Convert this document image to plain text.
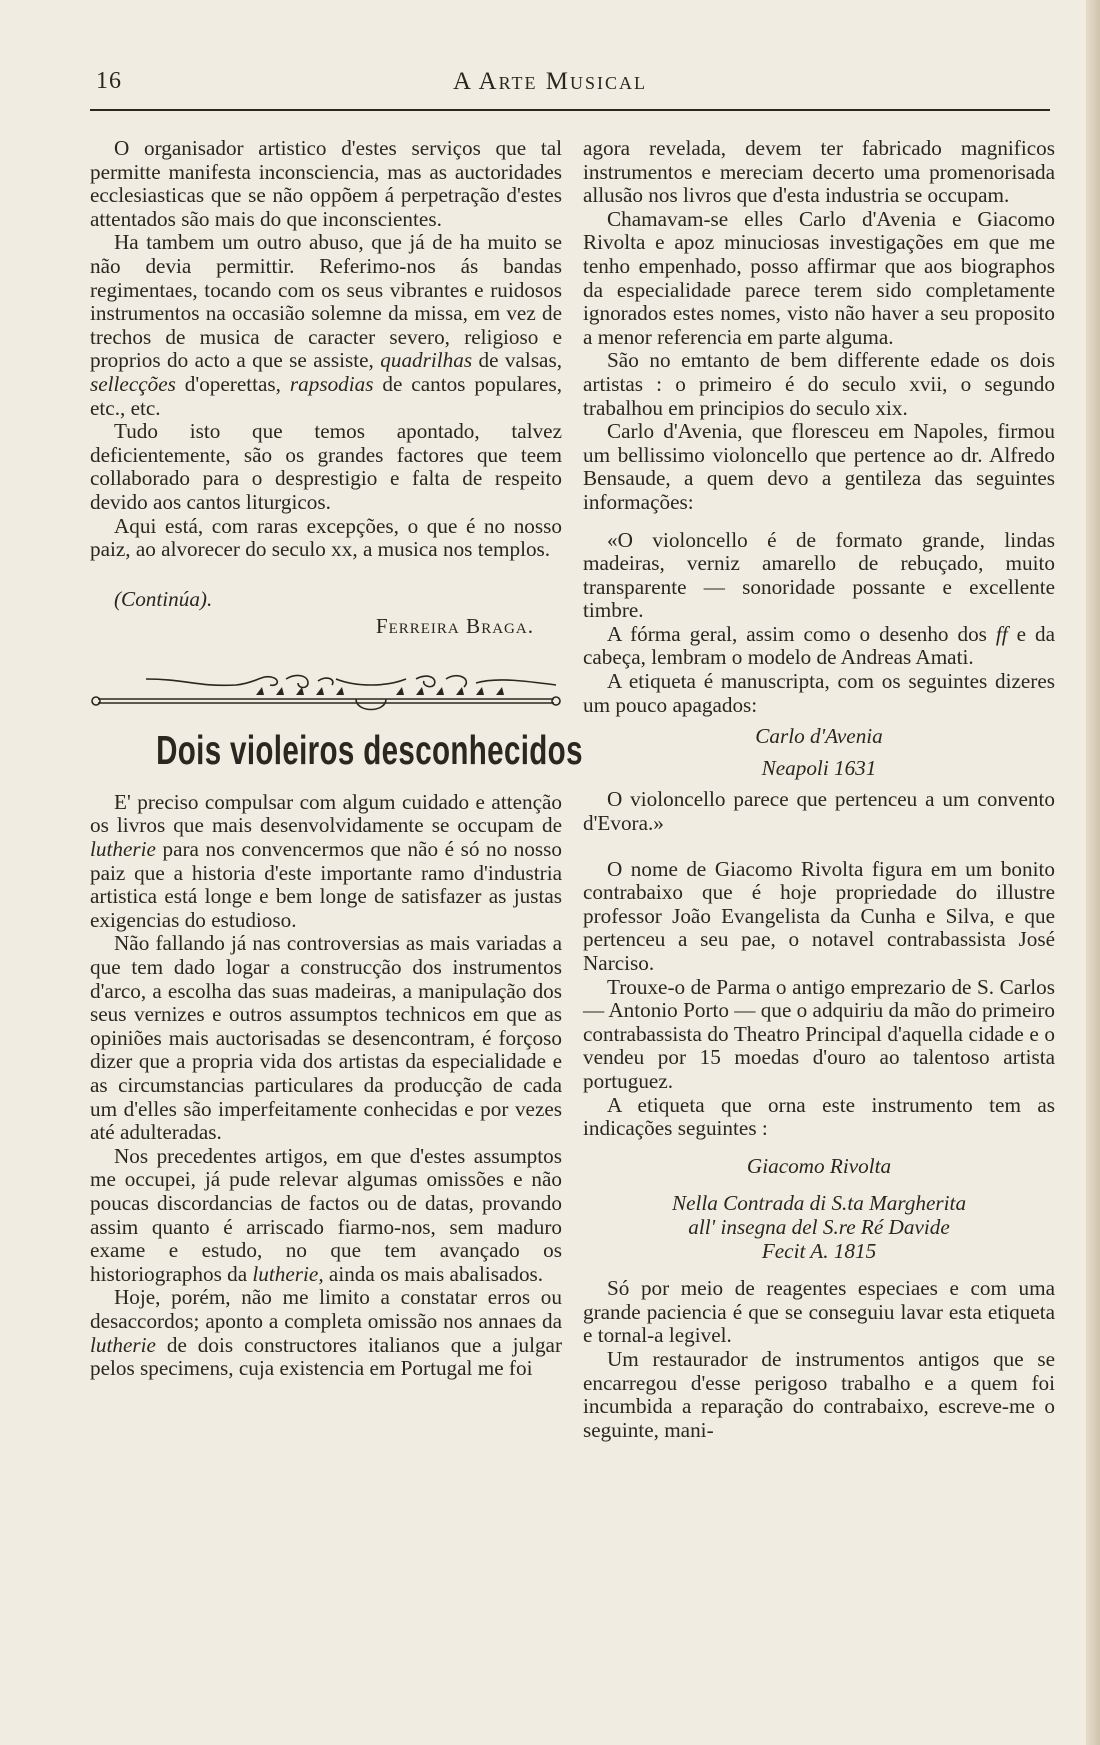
16	A Arte Musical

O organisador artistico d'estes serviços que tal permitte manifesta inconsciencia, mas as auctoridades ecclesiasticas que se não oppõem á perpetração d'estes attentados são mais do que inconscientes.

Ha tambem um outro abuso, que já de ha muito se não devia permittir. Referimo-nos ás bandas regimentaes, tocando com os seus vibrantes e ruidosos instrumentos na occasião solemne da missa, em vez de trechos de musica de caracter severo, religioso e proprios do acto a que se assiste, quadrilhas de valsas, sellecções d'operettas, rapsodias de cantos populares, etc., etc.

Tudo isto que temos apontado, talvez deficientemente, são os grandes factores que teem collaborado para o desprestigio e falta de respeito devido aos cantos liturgicos.

Aqui está, com raras excepções, o que é no nosso paiz, ao alvorecer do seculo xx, a musica nos templos.

(Continúa).
Ferreira Braga.
Dois violeiros desconhecidos

E' preciso compulsar com algum cuidado e attenção os livros que mais desenvolvidamente se occupam de lutherie para nos convencermos que não é só no nosso paiz que a historia d'este importante ramo d'industria artistica está longe e bem longe de satisfazer as justas exigencias do estudioso.

Não fallando já nas controversias as mais variadas a que tem dado logar a construcção dos instrumentos d'arco, a escolha das suas madeiras, a manipulação dos seus vernizes e outros assumptos technicos em que as opiniões mais auctorisadas se desencontram, é forçoso dizer que a propria vida dos artistas da especialidade e as circumstancias particulares da producção de cada um d'elles são imperfeitamente conhecidas e por vezes até adulteradas.

Nos precedentes artigos, em que d'estes assumptos me occupei, já pude relevar algumas omissões e não poucas discordancias de factos ou de datas, provando assim quanto é arriscado fiarmo-nos, sem maduro exame e estudo, no que tem avançado os historiographos da lutherie, ainda os mais abalisados.

Hoje, porém, não me limito a constatar erros ou desaccordos; aponto a completa omissão nos annaes da lutherie de dois constructores italianos que a julgar pelos specimens, cuja existencia em Portugal me foi

agora revelada, devem ter fabricado magnificos instrumentos e mereciam decerto uma promenorisada allusão nos livros que d'esta industria se occupam.

Chamavam-se elles Carlo d'Avenia e Giacomo Rivolta e apoz minuciosas investigações em que me tenho empenhado, posso affirmar que aos biographos da especialidade parece terem sido completamente ignorados estes nomes, visto não haver a seu proposito a menor referencia em parte alguma.

São no emtanto de bem differente edade os dois artistas : o primeiro é do seculo xvii, o segundo trabalhou em principios do seculo xix.

Carlo d'Avenia, que floresceu em Napoles, firmou um bellissimo violoncello que pertence ao dr. Alfredo Bensaude, a quem devo a gentileza das seguintes informações:

«O violoncello é de formato grande, lindas madeiras, verniz amarello de rebuçado, muito transparente — sonoridade possante e excellente timbre.

A fórma geral, assim como o desenho dos ff e da cabeça, lembram o modelo de Andreas Amati.

A etiqueta é manuscripta, com os seguintes dizeres um pouco apagados:

Carlo d'Avenia

Neapoli 1631

O violoncello parece que pertenceu a um convento d'Evora.»

O nome de Giacomo Rivolta figura em um bonito contrabaixo que é hoje propriedade do illustre professor João Evangelista da Cunha e Silva, e que pertenceu a seu pae, o notavel contrabassista José Narciso.

Trouxe-o de Parma o antigo emprezario de S. Carlos — Antonio Porto — que o adquiriu da mão do primeiro contrabassista do Theatro Principal d'aquella cidade e o vendeu por 15 moedas d'ouro ao talentoso artista portuguez.

A etiqueta que orna este instrumento tem as indicações seguintes :

Giacomo Rivolta

Nella Contrada di S.ta Margherita

all' insegna del S.re Ré Davide

Fecit A. 1815

Só por meio de reagentes especiaes e com uma grande paciencia é que se conseguiu lavar esta etiqueta e tornal-a legivel.

Um restaurador de instrumentos antigos que se encarregou d'esse perigoso trabalho e a quem foi incumbida a reparação do contrabaixo, escreve-me o seguinte, mani-
